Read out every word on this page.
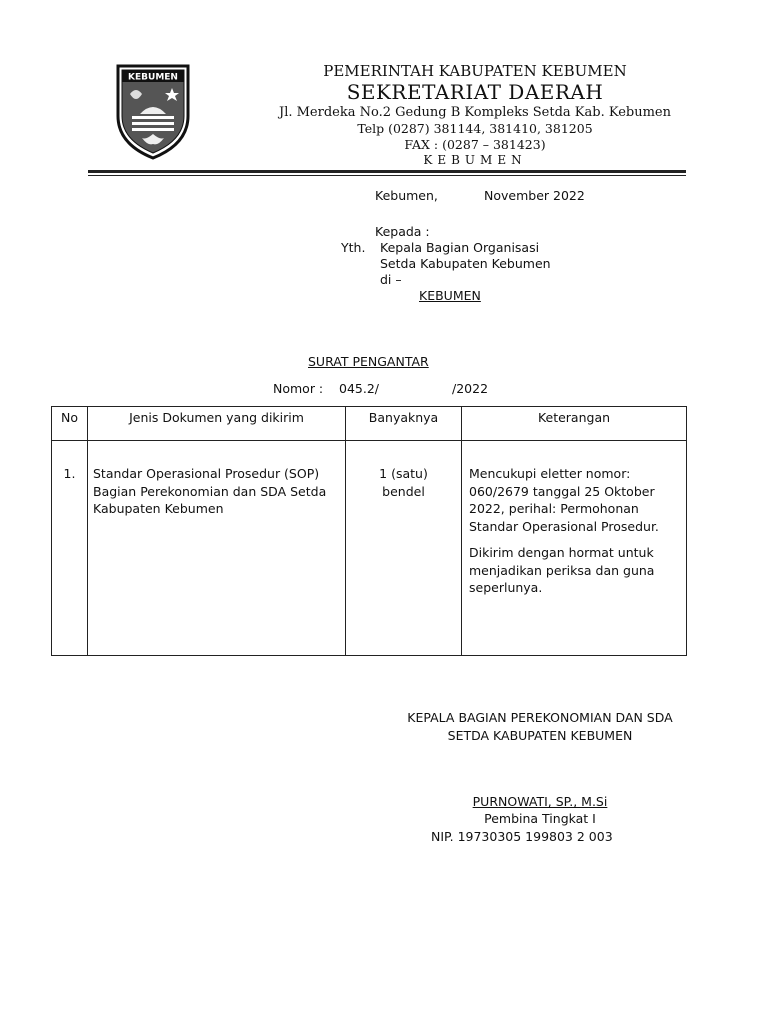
KEBUMEN	PEMERINTAH KABUPATEN KEBUMEN
SEKRETARIAT DAERAH
Jl. Merdeka No.2 Gedung B Kompleks Setda Kab. Kebumen
Telp (0287) 381144, 381410, 381205
FAX : (0287 – 381423)
KEBUMEN
Kebumen,	November 2022
Kepada :
Yth. Kepala Bagian Organisasi
Setda Kabupaten Kebumen
di –
KEBUMEN
SURAT PENGANTAR
Nomor : 045.2/	/2022
No	Jenis Dokumen yang dikirim	Banyaknya	Keterangan
1.	Standar Operasional Prosedur (SOP) Bagian Perekonomian dan SDA Setda Kabupaten Kebumen	1 (satu) bendel	Mencukupi eletter nomor: 060/2679 tanggal 25 Oktober 2022, perihal: Permohonan Standar Operasional Prosedur.

Dikirim dengan hormat untuk menjadikan periksa dan guna seperlunya.

KEPALA BAGIAN PEREKONOMIAN DAN SDA
SETDA KABUPATEN KEBUMEN
PURNOWATI, SP., M.Si
Pembina Tingkat I
NIP. 19730305 199803 2 003
